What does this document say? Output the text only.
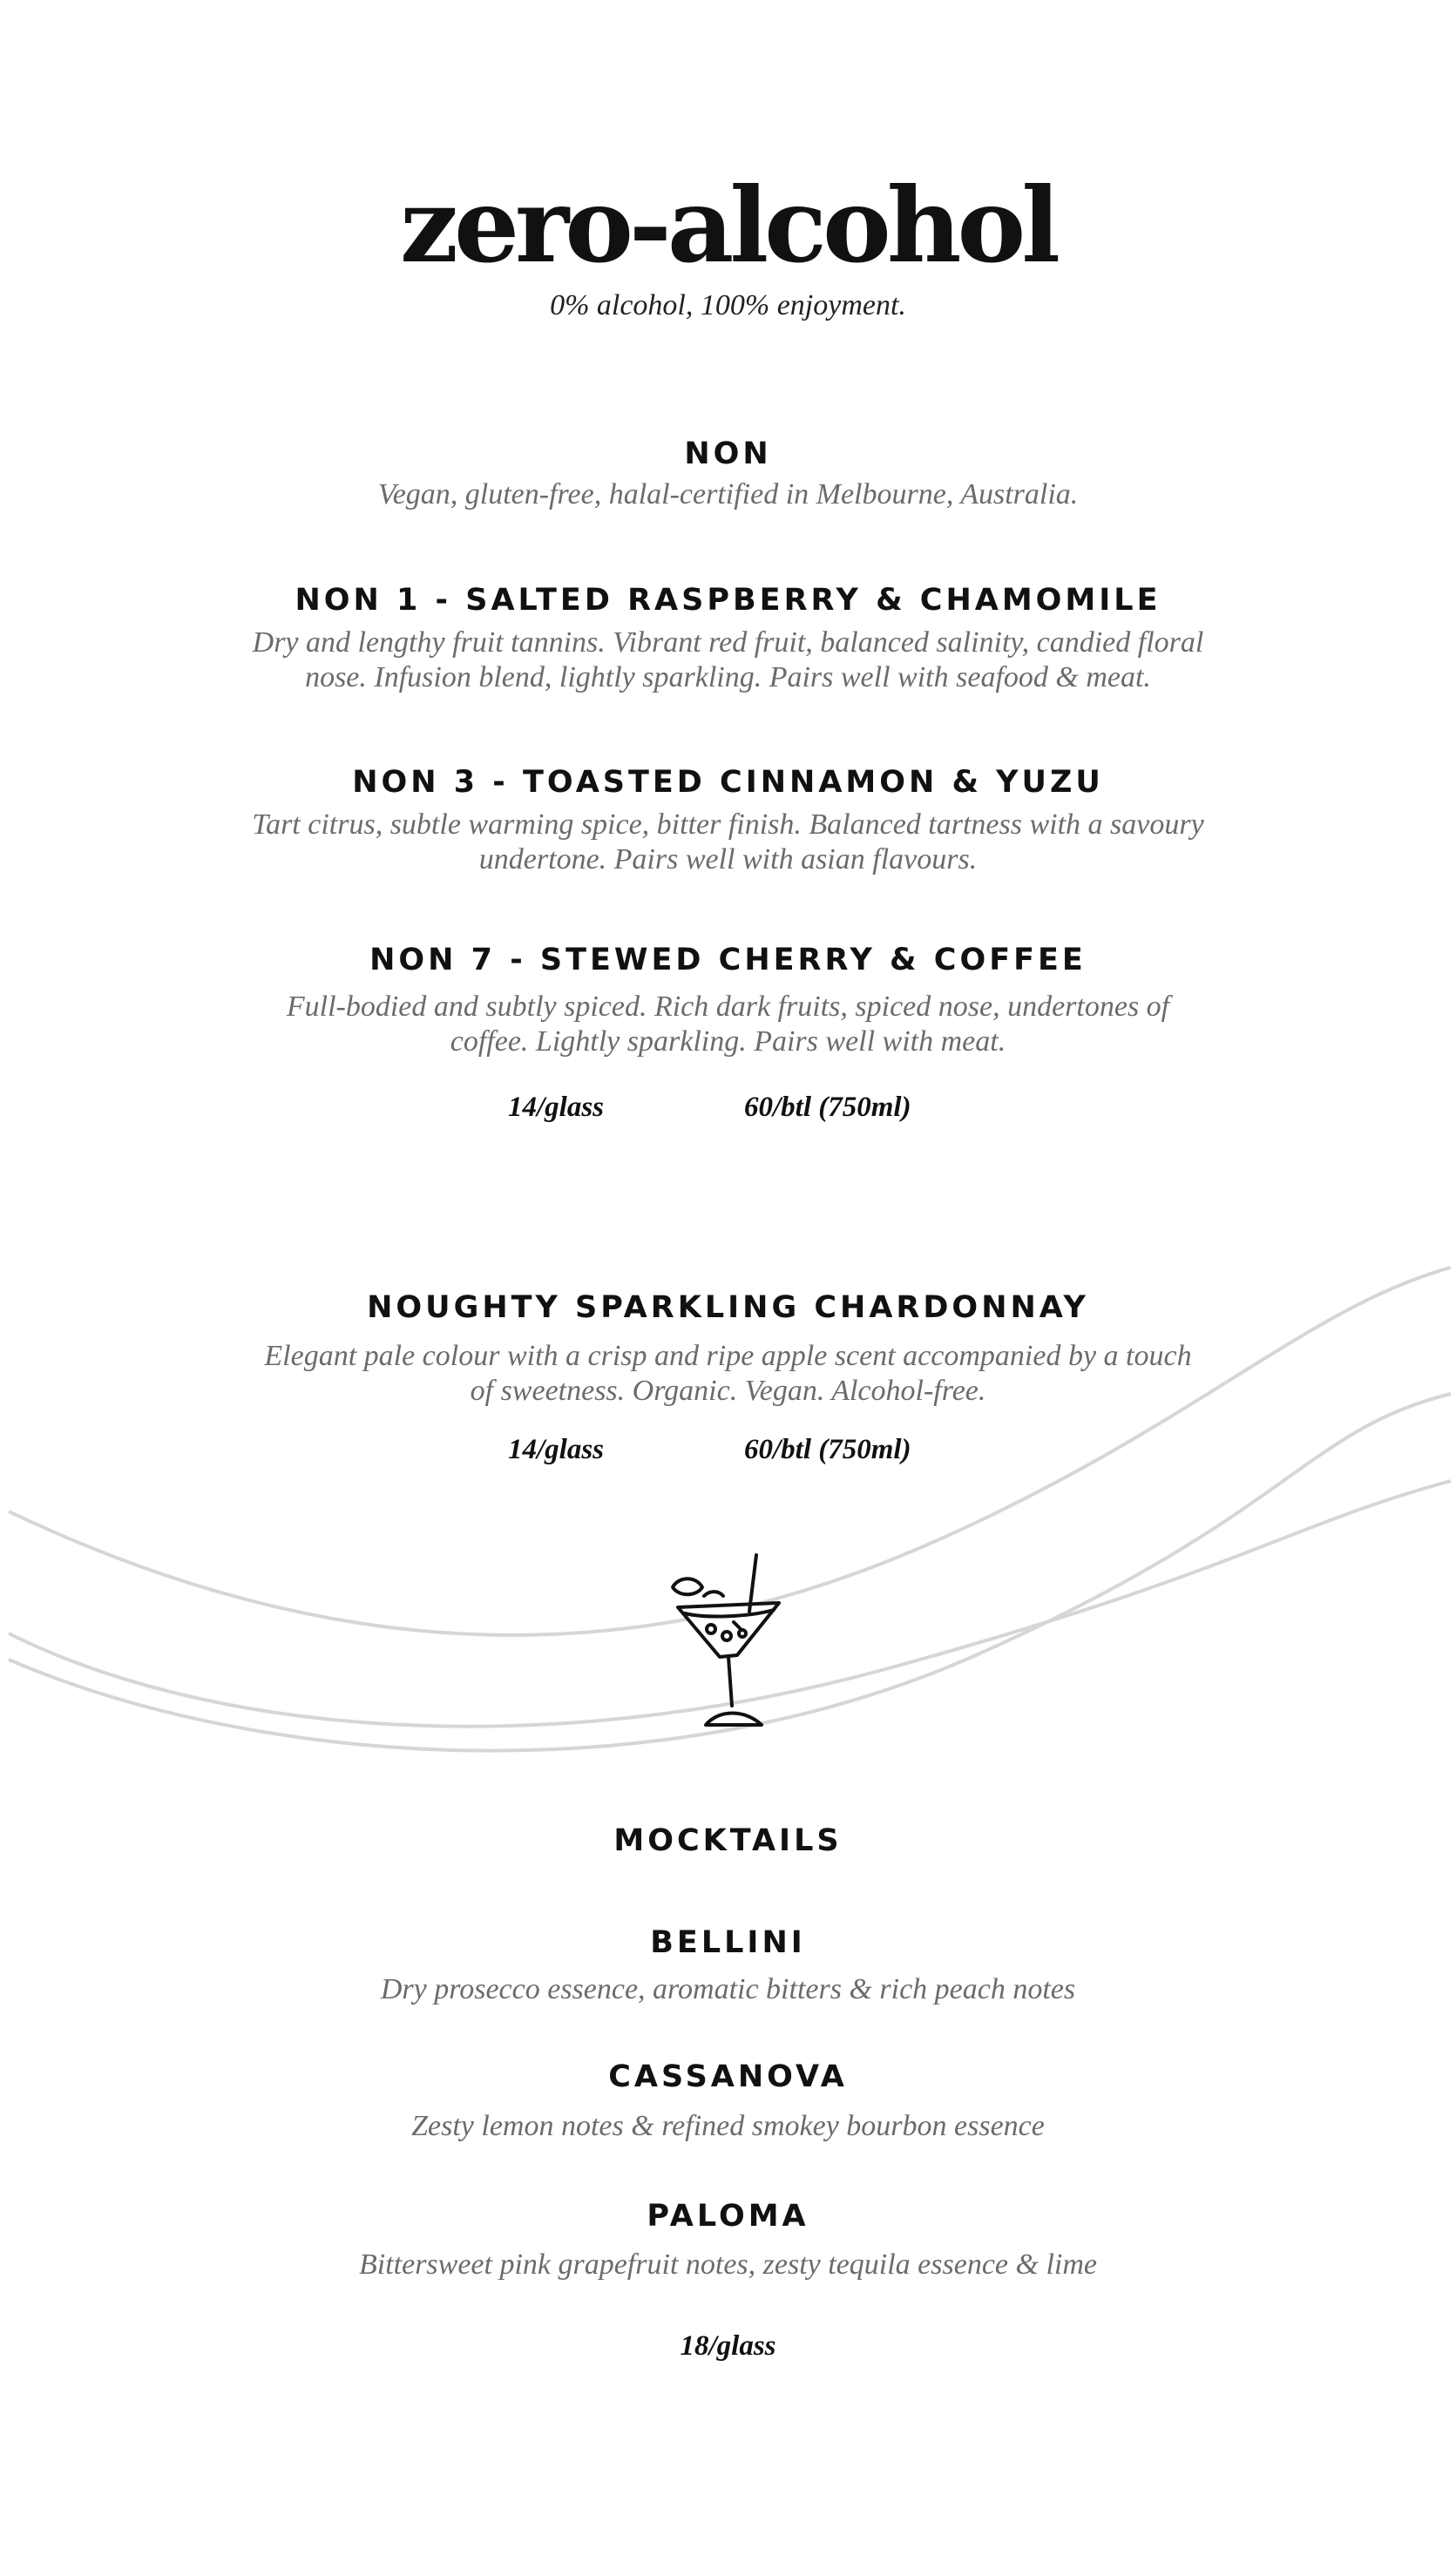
zero-alcohol
0% alcohol, 100% enjoyment.
NON
Vegan, gluten-free, halal-certified in Melbourne, Australia.
NON 1 - SALTED RASPBERRY & CHAMOMILE
Dry and lengthy fruit tannins. Vibrant red fruit, balanced salinity, candied floral
nose. Infusion blend, lightly sparkling. Pairs well with seafood & meat.
NON 3 - TOASTED CINNAMON & YUZU
Tart citrus, subtle warming spice, bitter finish. Balanced tartness with a savoury
undertone. Pairs well with asian flavours.
NON 7 - STEWED CHERRY & COFFEE
Full-bodied and subtly spiced. Rich dark fruits, spiced nose, undertones of
coffee. Lightly sparkling. Pairs well with meat.
14/glass	60/btl (750ml)
NOUGHTY SPARKLING CHARDONNAY
Elegant pale colour with a crisp and ripe apple scent accompanied by a touch
of sweetness. Organic. Vegan. Alcohol-free.
14/glass	60/btl (750ml)
MOCKTAILS
BELLINI
Dry prosecco essence, aromatic bitters & rich peach notes
CASSANOVA
Zesty lemon notes & refined smokey bourbon essence
PALOMA
Bittersweet pink grapefruit notes, zesty tequila essence & lime
18/glass
